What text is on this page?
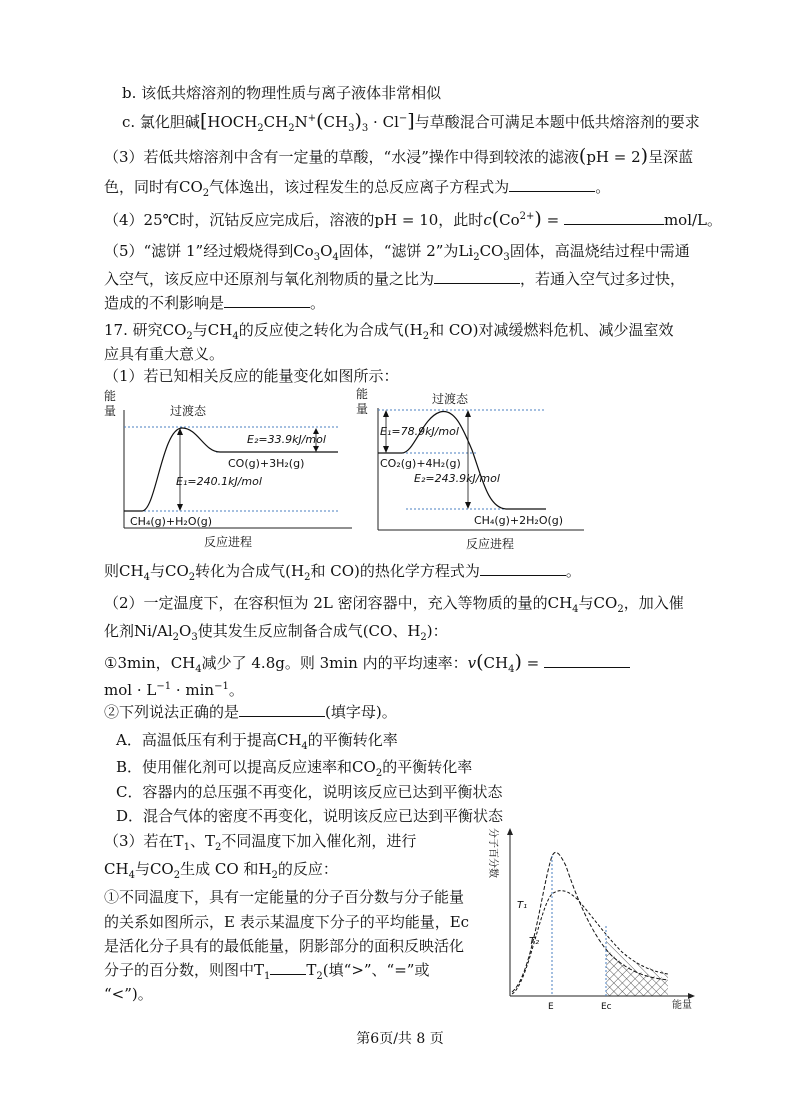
b. 该低共熔溶剂的物理性质与离子液体非常相似
c. 氯化胆碱$[HOCH_2CH_2N^+(CH_3)_3 \cdot Cl^-]$与草酸混合可满足本题中低共熔溶剂的要求
（3）若低共熔溶剂中含有一定量的草酸，“水浸”操作中得到较浓的滤液(pH = 2)呈深蓝
色，同时有$CO_2$气体逸出，该过程发生的总反应离子方程式为	。
（4）25℃时，沉钴反应完成后，溶液的pH = 10，此时$c(Co^{2+})$ =	mol/L。
（5）“滤饼 1”经过煅烧得到$Co_3O_4$固体，“滤饼 2”为$Li_2CO_3$固体，高温烧结过程中需通
入空气，该反应中还原剂与氧化剂物质的量之比为	，若通入空气过多过快，
造成的不利影响是	。
17. 研究$CO_2$与$CH_4$的反应使之转化为合成气($H_2$和 CO)对减缓燃料危机、减少温室效
应具有重大意义。
（1）若已知相关反应的能量变化如图所示：
能
量	过渡态
E₂=33.9kJ/mol
CO(g)+3H₂(g)
E₁=240.1kJ/mol
CH₄(g)+H₂O(g)
反应进程
能
量
过渡态
E₁=78.9kJ/mol
CO₂(g)+4H₂(g)
E₂=243.9kJ/mol
CH₄(g)+2H₂O(g)
反应进程
则$CH_4$与$CO_2$转化为合成气($H_2$和 CO)的热化学方程式为	。
（2）一定温度下，在容积恒为 2L 密闭容器中，充入等物质的量的$CH_4$与$CO_2$，加入催
化剂$Ni/Al_2O_3$使其发生反应制备合成气(CO、$H_2$)：
①3min，$CH_4$减少了 4.8g。则 3min 内的平均速率：$v(CH_4)$ =
mol · $L^{-1} \cdot \min^{-1}$。
②下列说法正确的是	(填字母)。
A．高温低压有利于提高$CH_4$的平衡转化率
B．使用催化剂可以提高反应速率和$CO_2$的平衡转化率
C．容器内的总压强不再变化，说明该反应已达到平衡状态
D．混合气体的密度不再变化，说明该反应已达到平衡状态
（3）若在$T_1$、$T_2$不同温度下加入催化剂，进行
$CH_4$与$CO_2$生成 CO 和$H_2$的反应：
①不同温度下，具有一定能量的分子百分数与分子能量
的关系如图所示，E 表示某温度下分子的平均能量，Ec
是活化分子具有的最低能量，阴影部分的面积反映活化
分子的百分数，则图中$T_1$ $T_2$(填“>”、“=”或
“<”)。
分子百分数
T₁
T₂
E	Ec	能量
第6页/共 8 页
